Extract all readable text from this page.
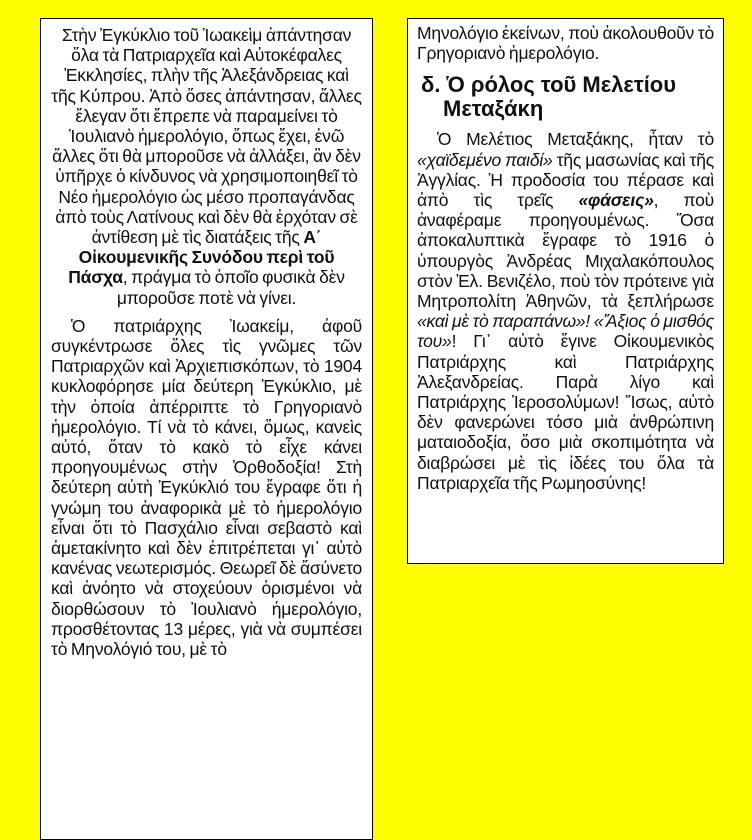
Στὴν Ἐγκύκλιο τοῦ Ἰωακεὶμ ἀπάντησαν ὅλα τὰ Πατριαρχεῖα καὶ Αὐτοκέφαλες Ἐκκλησίες, πλὴν τῆς Ἀλεξάνδρειας καὶ τῆς Κύπρου. Ἀπὸ ὅσες ἀπάντησαν, ἄλλες ἔλεγαν ὅτι ἔπρεπε νὰ παραμείνει τὸ Ἰουλιανὸ ἡμερολόγιο, ὅπως ἔχει, ἐνῶ ἄλλες ὅτι θὰ μποροῦσε νὰ ἀλλάξει, ἂν δὲν ὑπῆρχε ὁ κίνδυνος νὰ χρησιμοποιηθεῖ τὸ Νέο ἡμερολόγιο ὡς μέσο προπαγάνδας ἀπὸ τοὺς Λατίνους καὶ δὲν θὰ ἐρχόταν σὲ ἀντίθεση μὲ τὶς διατάξεις τῆς Α΄ Οἰκουμενικῆς Συνόδου περὶ τοῦ Πάσχα, πράγμα τὸ ὁποῖο φυσικὰ δὲν μποροῦσε ποτὲ νὰ γίνει.

Ὁ πατριάρχης Ἰωακείμ, ἀφοῦ συγκέντρωσε ὅλες τὶς γνῶμες τῶν Πατριαρχῶν καὶ Ἀρχιεπισκόπων, τὸ 1904 κυκλοφόρησε μία δεύτερη Ἐγκύκλιο, μὲ τὴν ὁποία ἀπέρριπτε τὸ Γρηγοριανὸ ἡμερολόγιο. Τί νὰ τὸ κάνει, ὅμως, κανεὶς αὐτό, ὅταν τὸ κακὸ τὸ εἶχε κάνει προηγουμένως στὴν Ὀρθοδοξία! Στὴ δεύτερη αὐτὴ Ἐγκύκλιό του ἔγραφε ὅτι ἡ γνώμη του ἀναφορικὰ μὲ τὸ ἡμερολόγιο εἶναι ὅτι τὸ Πασχάλιο εἶναι σεβαστὸ καὶ ἀμετακίνητο καὶ δὲν ἐπιτρέπεται γι᾿ αὐτὸ κανένας νεωτερισμός. Θεωρεῖ δὲ ἄσύνετο καὶ ἀνόητο νὰ στοχεύουν ὁρισμένοι νὰ διορθώσουν τὸ Ἰουλιανὸ ἡμερολόγιο, προσθέτοντας 13 μέρες, γιὰ νὰ συμπέσει τὸ Μηνολόγιό του, μὲ τὸ

Μηνολόγιο ἐκείνων, ποὺ ἀκολουθοῦν τὸ Γρηγοριανὸ ἡμερολόγιο.

δ. Ὁ ρόλος τοῦ Μελετίου
Μεταξάκη

Ὁ Μελέτιος Μεταξάκης, ἦταν τὸ «χαϊδεμένο παιδί» τῆς μασωνίας καὶ τῆς Ἀγγλίας. Ἡ προδοσία του πέρασε καὶ ἀπὸ τὶς τρεῖς «φάσεις», ποὺ ἀναφέραμε προηγουμένως. Ὅσα ἀποκαλυπτικὰ ἔγραφε τὸ 1916 ὁ ὑπουργὸς Ἀνδρέας Μιχαλακόπουλος στὸν Ἐλ. Βενιζέλο, ποὺ τὸν πρότεινε γιὰ Μητροπολίτη Ἀθηνῶν, τὰ ξεπλήρωσε «καὶ μὲ τὸ παραπάνω»! «Ἄξιος ὁ μισθός του»! Γι᾿ αὐτὸ ἔγινε Οἰκουμενικὸς Πατριάρχης καὶ Πατριάρχης Ἀλεξανδρείας. Παρὰ λίγο καὶ Πατριάρχης Ἱεροσολύμων! Ἴσως, αὐτὸ δὲν φανερώνει τόσο μιὰ ἀνθρώπινη ματαιοδοξία, ὅσο μιὰ σκοπιμότητα νὰ διαβρώσει μὲ τὶς ἰδέες του ὅλα τὰ Πατριαρχεῖα τῆς Ρωμηοσύνης!
